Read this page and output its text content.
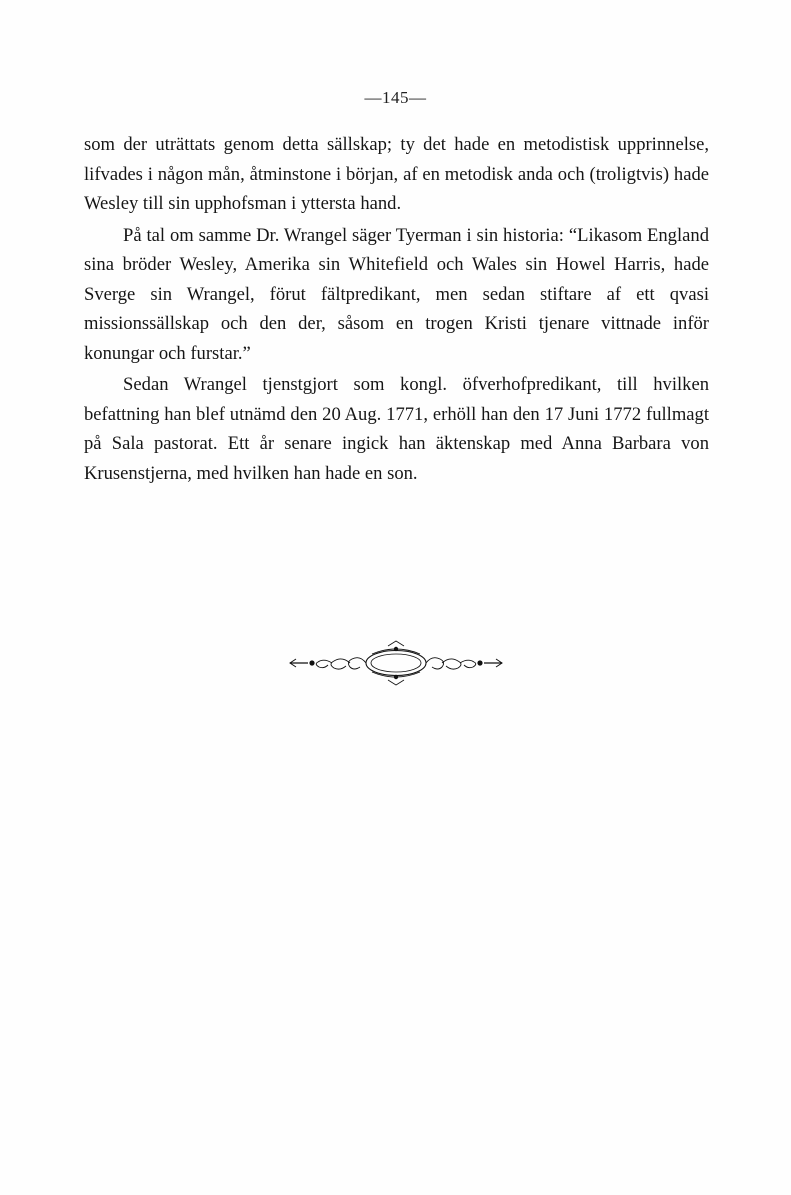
—145—

som der uträttats genom detta sällskap; ty det hade en metodistisk upprinnelse, lifvades i någon mån, åtminstone i början, af en metodisk anda och (troligtvis) hade Wesley till sin upphofsman i yttersta hand.

På tal om samme Dr. Wrangel säger Tyerman i sin historia: “Likasom England sina bröder Wesley, Amerika sin Whitefield och Wales sin Howel Harris, hade Sverge sin Wrangel, förut fältpredikant, men sedan stiftare af ett qvasi missionssällskap och den der, såsom en trogen Kristi tjenare vittnade inför konungar och furstar.”

Sedan Wrangel tjenstgjort som kongl. öfverhofpredikant, till hvilken befattning han blef utnämd den 20 Aug. 1771, erhöll han den 17 Juni 1772 fullmagt på Sala pastorat. Ett år senare ingick han äktenskap med Anna Barbara von Krusenstjerna, med hvilken han hade en son.
